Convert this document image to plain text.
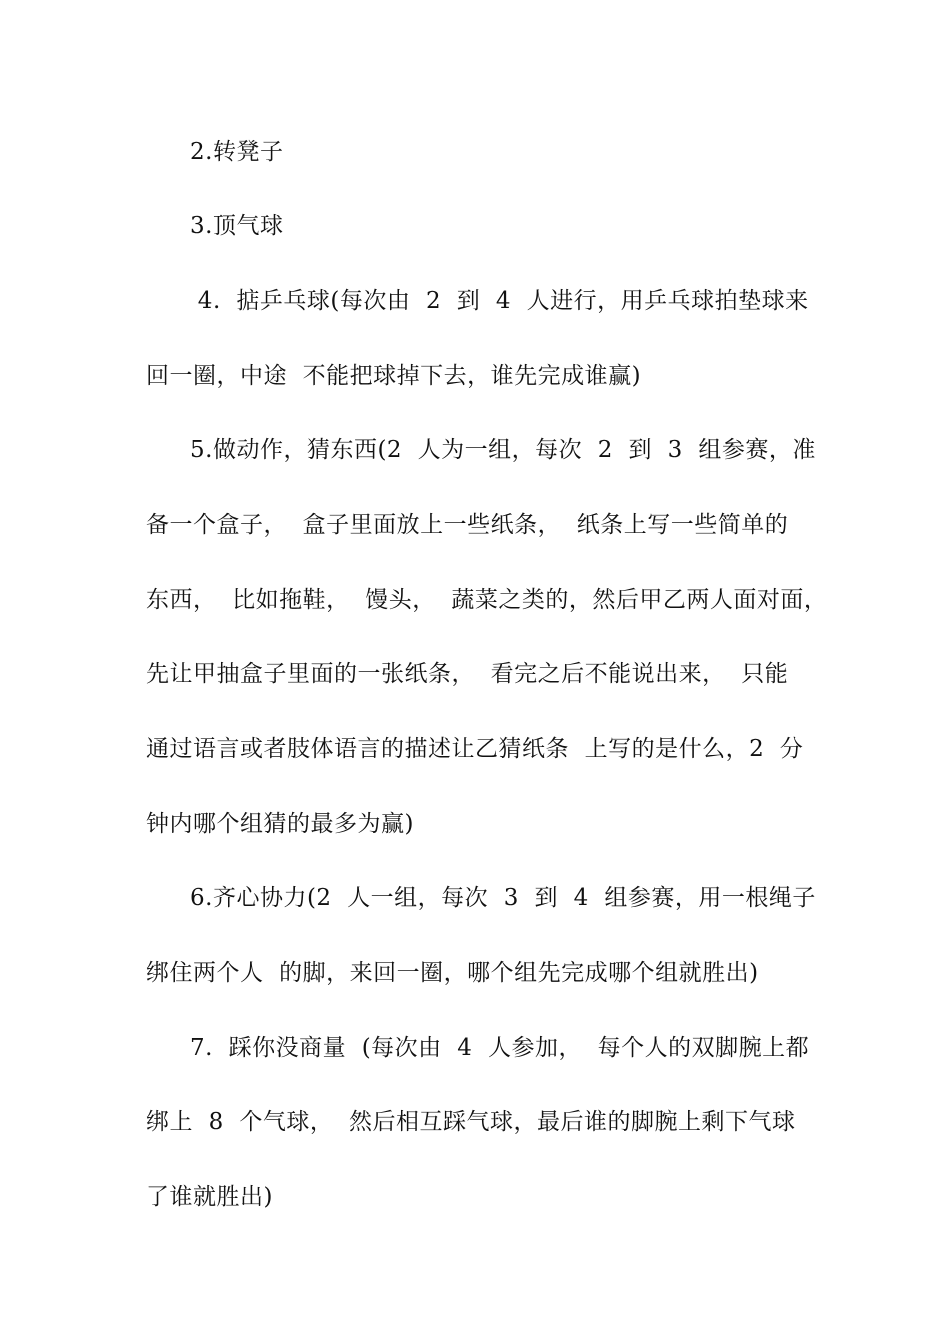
2.转凳子
3.顶气球
4.  掂乒乓球(每次由  2  到  4  人进行，用乒乓球拍垫球来
回一圈，中途  不能把球掉下去，谁先完成谁赢)
5.做动作，猜东西(2  人为一组，每次  2  到  3  组参赛，准
备一个盒子，  盒子里面放上一些纸条，  纸条上写一些简单的
东西，  比如拖鞋，  馒头，  蔬菜之类的，然后甲乙两人面对面，
先让甲抽盒子里面的一张纸条，  看完之后不能说出来，  只能
通过语言或者肢体语言的描述让乙猜纸条  上写的是什么，2  分
钟内哪个组猜的最多为赢)
6.齐心协力(2  人一组，每次  3  到  4  组参赛，用一根绳子
绑住两个人  的脚，来回一圈，哪个组先完成哪个组就胜出)
7.  踩你没商量  (每次由  4  人参加，  每个人的双脚腕上都
绑上  8  个气球，  然后相互踩气球，最后谁的脚腕上剩下气球
了谁就胜出)
